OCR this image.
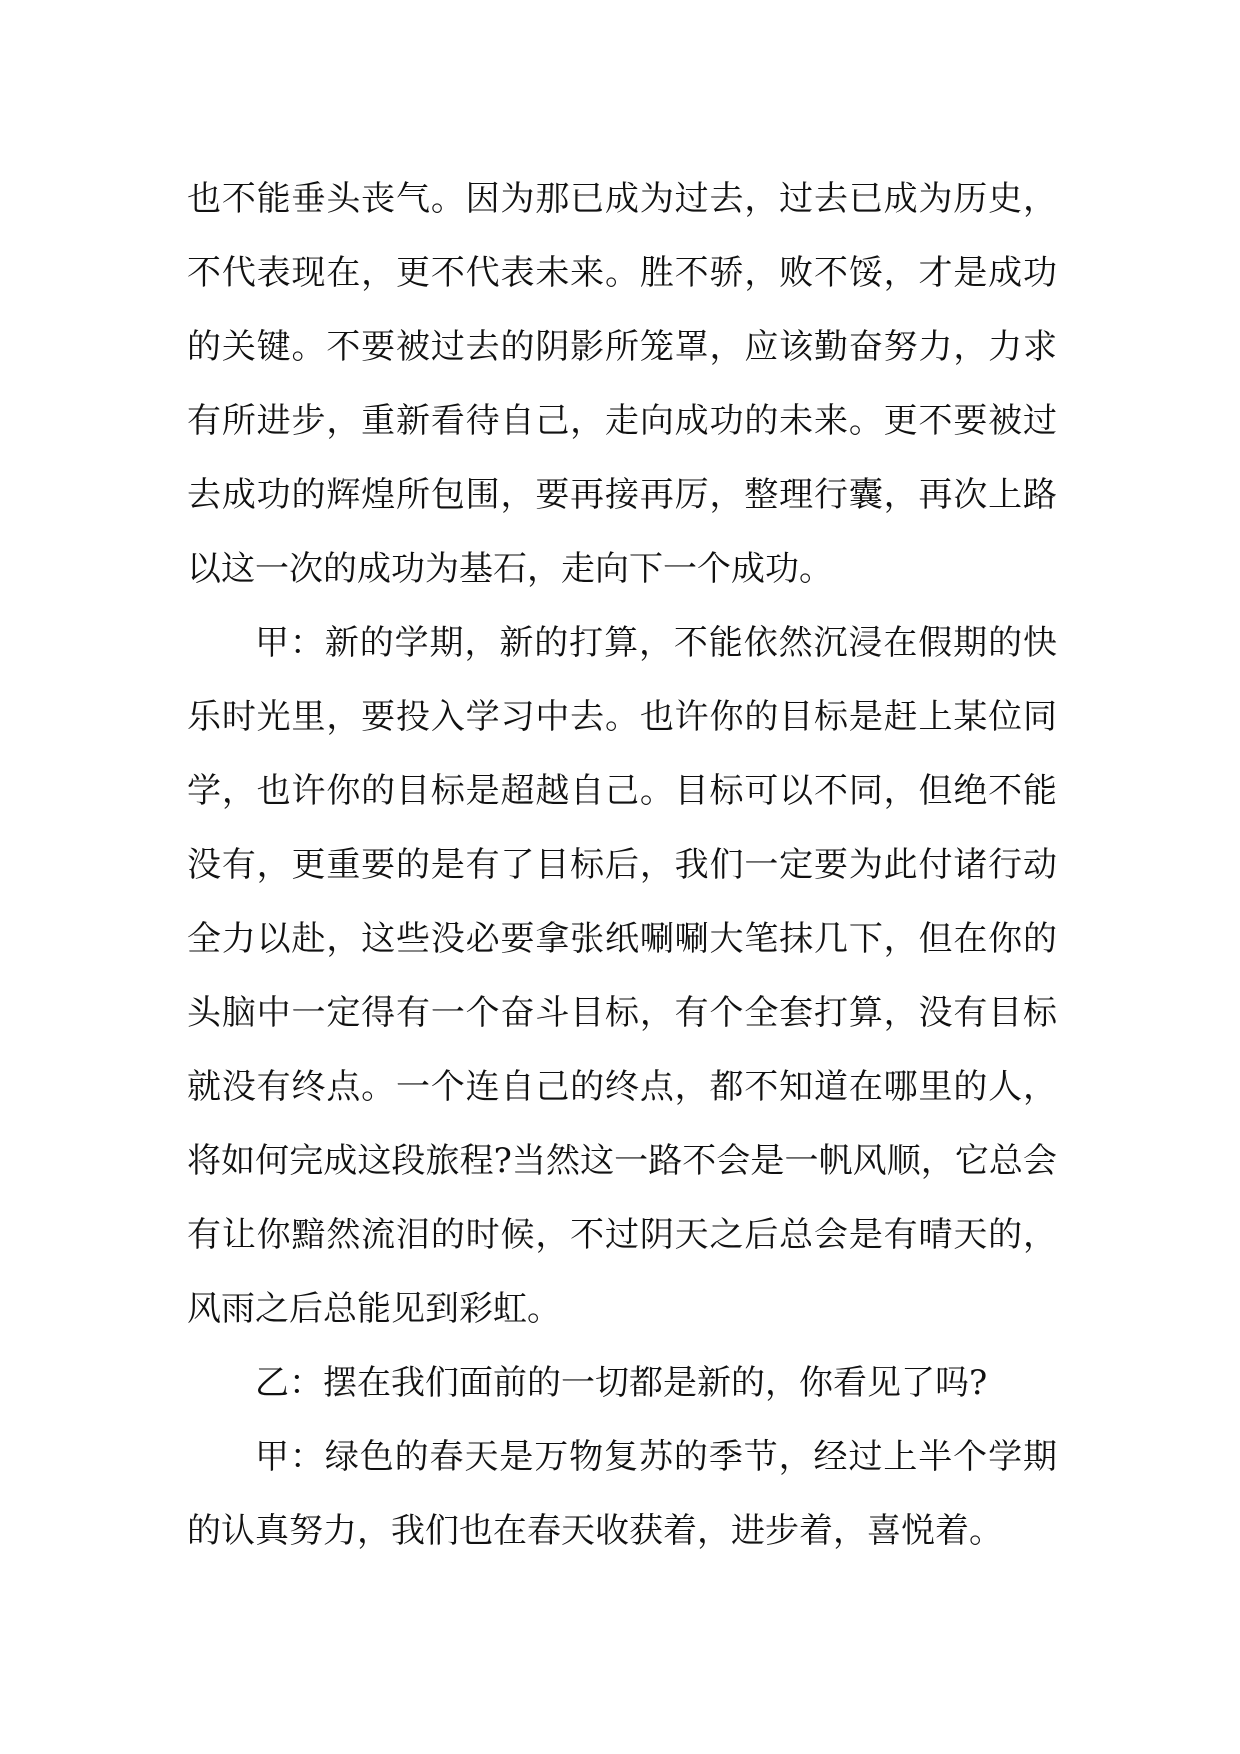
也不能垂头丧气。因为那已成为过去，过去已成为历史，
不代表现在，更不代表未来。胜不骄，败不馁，才是成功
的关键。不要被过去的阴影所笼罩，应该勤奋努力，力求
有所进步，重新看待自己，走向成功的未来。更不要被过
去成功的辉煌所包围，要再接再厉，整理行囊，再次上路
以这一次的成功为基石，走向下一个成功。
甲：新的学期，新的打算，不能依然沉浸在假期的快
乐时光里，要投入学习中去。也许你的目标是赶上某位同
学，也许你的目标是超越自己。目标可以不同，但绝不能
没有，更重要的是有了目标后，我们一定要为此付诸行动
全力以赴，这些没必要拿张纸唰唰大笔抹几下，但在你的
头脑中一定得有一个奋斗目标，有个全套打算，没有目标
就没有终点。一个连自己的终点，都不知道在哪里的人，
将如何完成这段旅程?当然这一路不会是一帆风顺，它总会
有让你黯然流泪的时候，不过阴天之后总会是有晴天的，
风雨之后总能见到彩虹。
乙：摆在我们面前的一切都是新的，你看见了吗?
甲：绿色的春天是万物复苏的季节，经过上半个学期
的认真努力，我们也在春天收获着，进步着，喜悦着。
